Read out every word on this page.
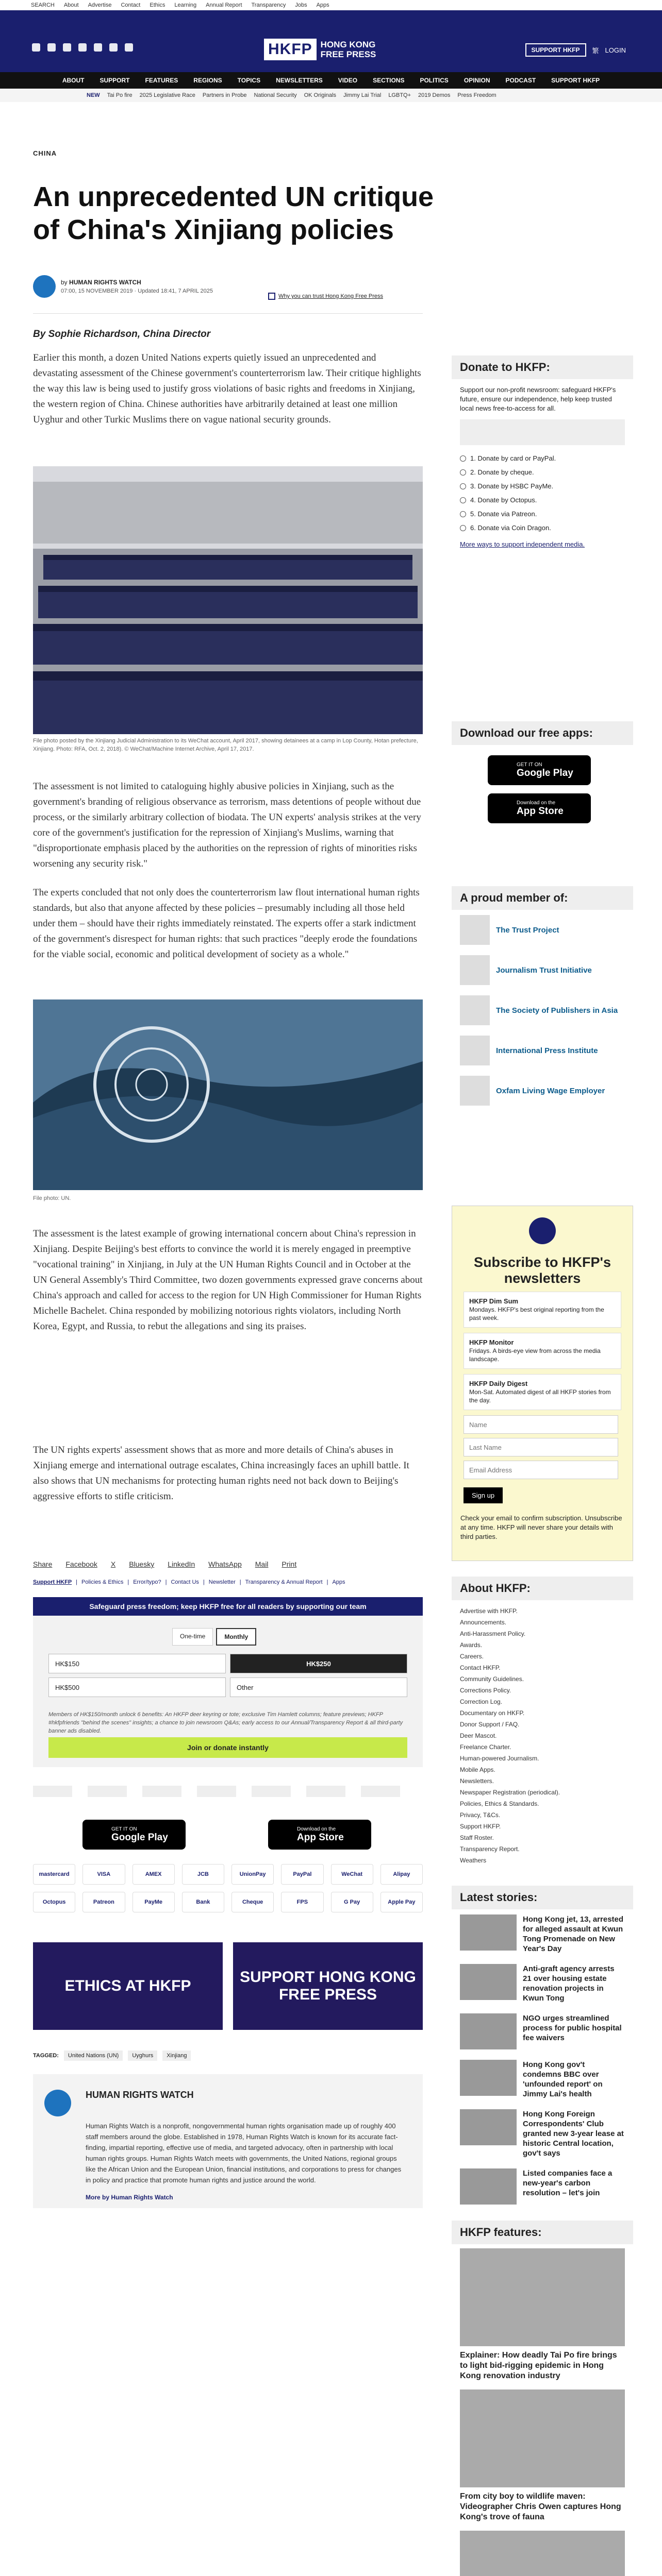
SEARCH About Advertise Contact Ethics Learning Annual Report Transparency Jobs Apps
HKFP HONG KONG
FREE PRESS	SUPPORT HKFP	繁 LOGIN
ABOUT	SUPPORT	FEATURES	REGIONS	TOPICS	NEWSLETTERS	VIDEO	SECTIONS	POLITICS	OPINION	PODCAST	SUPPORT HKFP
NEW Tai Po fire 2025 Legislative Race Partners in Probe National Security OK Originals Jimmy Lai Trial LGBTQ+ 2019 Demos Press Freedom
CHINA
An unprecedented UN critique of China's Xinjiang policies
by HUMAN RIGHTS WATCH
07:00, 15 NOVEMBER 2019 · Updated 18:41, 7 APRIL 2025
Why you can trust Hong Kong Free Press
By Sophie Richardson, China Director

Earlier this month, a dozen United Nations experts quietly issued an unprecedented and devastating assessment of the Chinese government's counterterrorism law. Their critique highlights the way this law is being used to justify gross violations of basic rights and freedoms in Xinjiang, the western region of China. Chinese authorities have arbitrarily detained at least one million Uyghur and other Turkic Muslims there on vague national security grounds.

File photo posted by the Xinjiang Judicial Administration to its WeChat account, April 2017, showing detainees at a camp in Lop County, Hotan prefecture, Xinjiang. Photo: RFA, Oct. 2, 2018). © WeChat/Machine Internet Archive, April 17, 2017.

The assessment is not limited to cataloguing highly abusive policies in Xinjiang, such as the government's branding of religious observance as terrorism, mass detentions of people without due process, or the similarly arbitrary collection of biodata. The UN experts' analysis strikes at the very core of the government's justification for the repression of Xinjiang's Muslims, warning that "disproportionate emphasis placed by the authorities on the repression of rights of minorities risks worsening any security risk."

The experts concluded that not only does the counterterrorism law flout international human rights standards, but also that anyone affected by these policies – presumably including all those held under them – should have their rights immediately reinstated. The experts offer a stark indictment of the government's disrespect for human rights: that such practices "deeply erode the foundations for the viable social, economic and political development of society as a whole."

File photo: UN.

The assessment is the latest example of growing international concern about China's repression in Xinjiang. Despite Beijing's best efforts to convince the world it is merely engaged in preemptive "vocational training" in Xinjiang, in July at the UN Human Rights Council and in October at the UN General Assembly's Third Committee, two dozen governments expressed grave concerns about China's approach and called for access to the region for UN High Commissioner for Human Rights Michelle Bachelet. China responded by mobilizing notorious rights violators, including North Korea, Egypt, and Russia, to rebut the allegations and sing its praises.

The UN rights experts' assessment shows that as more and more details of China's abuses in Xinjiang emerge and international outrage escalates, China increasingly faces an uphill battle. It also shows that UN mechanisms for protecting human rights need not back down to Beijing's aggressive efforts to stifle criticism.

Share Facebook X Bluesky LinkedIn WhatsApp Mail Print
Support HKFP | Policies & Ethics | Error/typo? | Contact Us | Newsletter | Transparency & Annual Report | Apps
Safeguard press freedom; keep HKFP free for all readers by supporting our team
One-time	Monthly
HK$150	HK$250
HK$500	Other

Members of HK$150/month unlock 6 benefits: An HKFP deer keyring or tote; exclusive Tim Hamlett columns; feature previews; HKFP #hkfpfriends "behind the scenes" insights; a chance to join newsroom Q&As; early access to our Annual/Transparency Report & all third-party banner ads disabled.

Join or donate instantly
GET IT ON
Google Play
Download on the
App Store
mastercard	VISA	AMEX	JCB	UnionPay	PayPal	WeChat	Alipay
Octopus	Patreon	PayMe	Bank	Cheque	FPS	G Pay	Apple Pay
ETHICS AT HKFP
SUPPORT HONG KONG FREE PRESS
TAGGED:	United Nations (UN)	Uyghurs	Xinjiang
HUMAN RIGHTS WATCH

Human Rights Watch is a nonprofit, nongovernmental human rights organisation made up of roughly 400 staff members around the globe. Established in 1978, Human Rights Watch is known for its accurate fact-finding, impartial reporting, effective use of media, and targeted advocacy, often in partnership with local human rights groups. Human Rights Watch meets with governments, the United Nations, regional groups like the African Union and the European Union, financial institutions, and corporations to press for changes in policy and practice that promote human rights and justice around the world.

More by Human Rights Watch
Donate to HKFP:

Support our non-profit newsroom: safeguard HKFP's future, ensure our independence, help keep trusted local news free-to-access for all.

1. Donate by card or PayPal.
2. Donate by cheque.
3. Donate by HSBC PayMe.
4. Donate by Octopus.
5. Donate via Patreon.
6. Donate via Coin Dragon.

More ways to support independent media.

Download our free apps:
GET IT ON
Google Play
Download on the
App Store
A proud member of:
The Trust Project
Journalism Trust Initiative
The Society of Publishers in Asia
International Press Institute
Oxfam Living Wage Employer
Subscribe to HKFP's newsletters
HKFP Dim Sum
Mondays. HKFP's best original reporting from the past week.
HKFP Monitor
Fridays. A birds-eye view from across the media landscape.
HKFP Daily Digest
Mon-Sat. Automated digest of all HKFP stories from the day.
Name
Last Name
Email Address Sign up

Check your email to confirm subscription. Unsubscribe at any time. HKFP will never share your details with third parties.

About HKFP:
Advertise with HKFP.
Announcements.
Anti-Harassment Policy.
Awards.
Careers.
Contact HKFP.
Community Guidelines.
Corrections Policy.
Correction Log.
Documentary on HKFP.
Donor Support / FAQ.
Deer Mascot.
Freelance Charter.
Human-powered Journalism.
Mobile Apps.
Newsletters.
Newspaper Registration (periodical).
Policies, Ethics & Standards.
Privacy, T&Cs.
Support HKFP.
Staff Roster.
Transparency Report.
Weathers
Latest stories:
Hong Kong jet, 13, arrested for alleged assault at Kwun Tong Promenade on New Year's Day
Anti-graft agency arrests 21 over housing estate renovation projects in Kwun Tong
NGO urges streamlined process for public hospital fee waivers
Hong Kong gov't condemns BBC over 'unfounded report' on Jimmy Lai's health
Hong Kong Foreign Correspondents' Club granted new 3-year lease at historic Central location, gov't says
Listed companies face a new-year's carbon resolution – let's join
HKFP features:
Explainer: How deadly Tai Po fire brings to light bid-rigging epidemic in Hong Kong renovation industry
From city boy to wildlife maven: Videographer Chris Owen captures Hong Kong's trove of fauna
